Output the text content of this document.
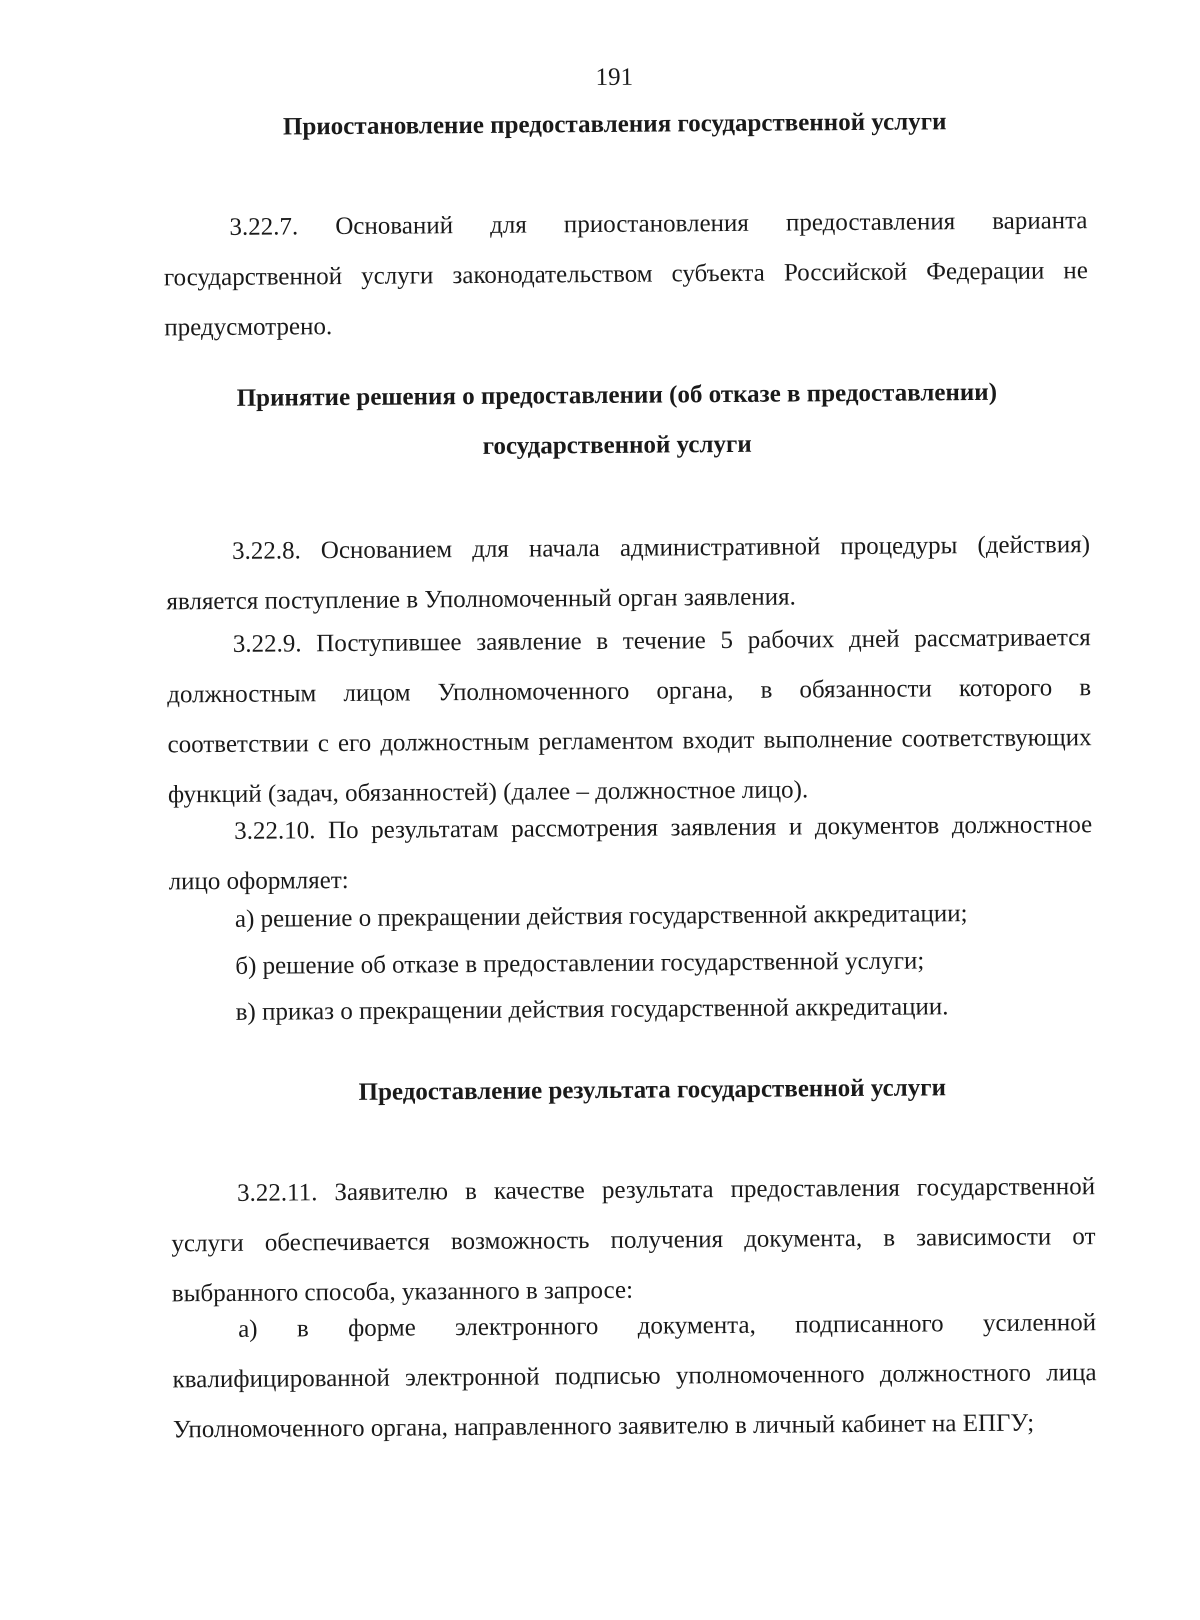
191
Приостановление предоставления государственной услуги

3.22.7. Оснований для приостановления предоставления варианта государственной услуги законодательством субъекта Российской Федерации не предусмотрено.

Принятие решения о предоставлении (об отказе в предоставлении)
государственной услуги

3.22.8. Основанием для начала административной процедуры (действия) является поступление в Уполномоченный орган заявления.

3.22.9. Поступившее заявление в течение 5 рабочих дней рассматривается должностным лицом Уполномоченного органа, в обязанности которого в соответствии с его должностным регламентом входит выполнение соответствующих функций (задач, обязанностей) (далее – должностное лицо).

3.22.10. По результатам рассмотрения заявления и документов должностное лицо оформляет:

а) решение о прекращении действия государственной аккредитации;

б) решение об отказе в предоставлении государственной услуги;

в) приказ о прекращении действия государственной аккредитации.

Предоставление результата государственной услуги

3.22.11. Заявителю в качестве результата предоставления государственной услуги обеспечивается возможность получения документа, в зависимости от выбранного способа, указанного в запросе:

а) в форме электронного документа, подписанного усиленной квалифицированной электронной подписью уполномоченного должностного лица Уполномоченного органа, направленного заявителю в личный кабинет на ЕПГУ;
